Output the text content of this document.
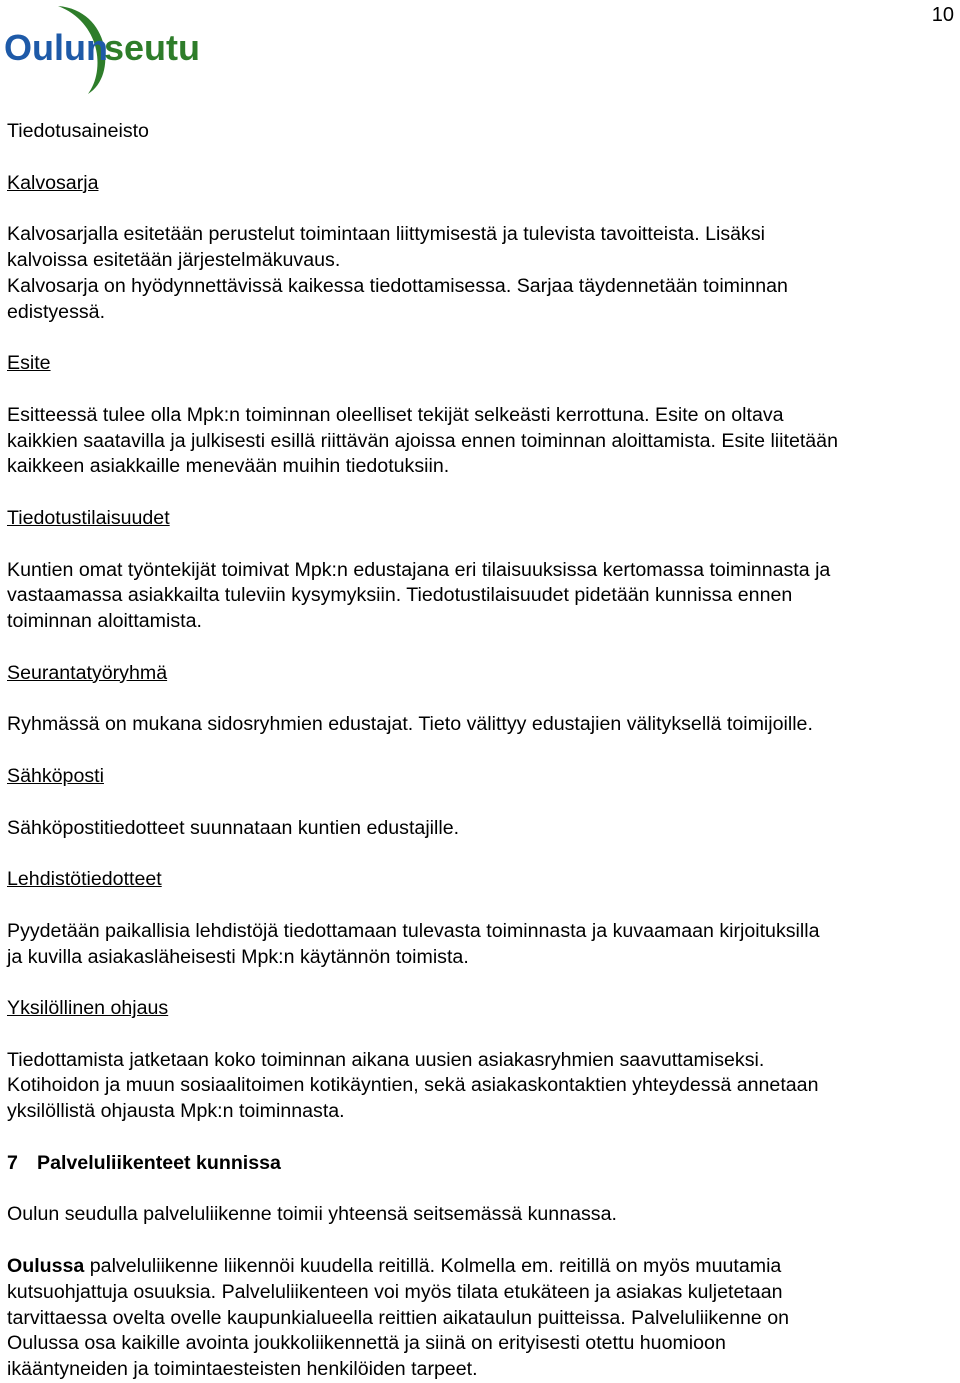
10
Oulun
seutu

Tiedotusaineisto

Kalvosarja

Kalvosarjalla esitetään perustelut toimintaan liittymisestä ja tulevista tavoitteista. Lisäksi

kalvoissa esitetään järjestelmäkuvaus.

Kalvosarja on hyödynnettävissä kaikessa tiedottamisessa. Sarjaa täydennetään toiminnan

edistyessä.

Esite

Esitteessä tulee olla Mpk:n toiminnan oleelliset tekijät selkeästi kerrottuna. Esite on oltava

kaikkien saatavilla ja julkisesti esillä riittävän ajoissa ennen toiminnan aloittamista. Esite liitetään

kaikkeen asiakkaille menevään muihin tiedotuksiin.

Tiedotustilaisuudet

Kuntien omat työntekijät toimivat Mpk:n edustajana eri tilaisuuksissa kertomassa toiminnasta ja

vastaamassa asiakkailta tuleviin kysymyksiin. Tiedotustilaisuudet pidetään kunnissa ennen

toiminnan aloittamista.

Seurantatyöryhmä

Ryhmässä on mukana sidosryhmien edustajat. Tieto välittyy edustajien välityksellä toimijoille.

Sähköposti

Sähköpostitiedotteet suunnataan kuntien edustajille.

Lehdistötiedotteet

Pyydetään paikallisia lehdistöjä tiedottamaan tulevasta toiminnasta ja kuvaamaan kirjoituksilla

ja kuvilla asiakasläheisesti Mpk:n käytännön toimista.

Yksilöllinen ohjaus

Tiedottamista jatketaan koko toiminnan aikana uusien asiakasryhmien saavuttamiseksi.

Kotihoidon ja muun sosiaalitoimen kotikäyntien, sekä asiakaskontaktien yhteydessä annetaan

yksilöllistä ohjausta Mpk:n toiminnasta.

7 Palveluliikenteet kunnissa

Oulun seudulla palveluliikenne toimii yhteensä seitsemässä kunnassa.

Oulussa palveluliikenne liikennöi kuudella reitillä. Kolmella em. reitillä on myös muutamia

kutsuohjattuja osuuksia. Palveluliikenteen voi myös tilata etukäteen ja asiakas kuljetetaan

tarvittaessa ovelta ovelle kaupunkialueella reittien aikataulun puitteissa. Palveluliikenne on

Oulussa osa kaikille avointa joukkoliikennettä ja siinä on erityisesti otettu huomioon

ikääntyneiden ja toimintaesteisten henkilöiden tarpeet.
